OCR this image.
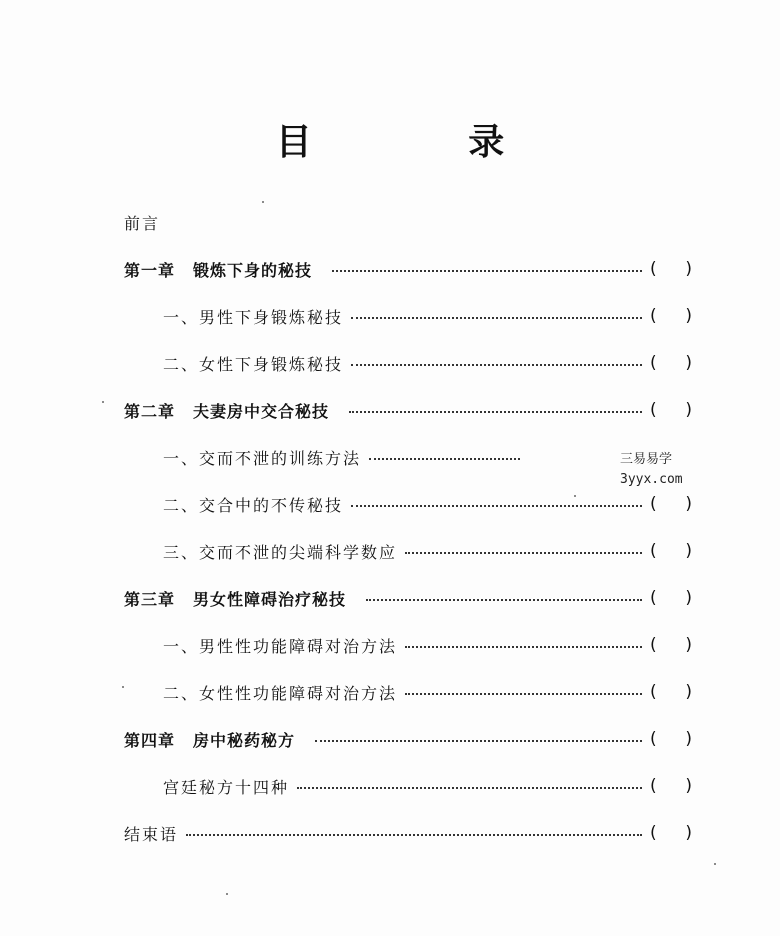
目 录
前言
第一章 锻炼下身的秘技	( )
一、男性下身锻炼秘技	( )
二、女性下身锻炼秘技	( )
第二章 夫妻房中交合秘技	( )
一、交而不泄的训练方法
二、交合中的不传秘技	( )
三、交而不泄的尖端科学数应	( )
第三章 男女性障碍治疗秘技	( )
一、男性性功能障碍对治方法	( )
二、女性性功能障碍对治方法	( )
第四章 房中秘药秘方	( )
宫廷秘方十四种	( )
结束语	( )
三易易学
3yyx.com
